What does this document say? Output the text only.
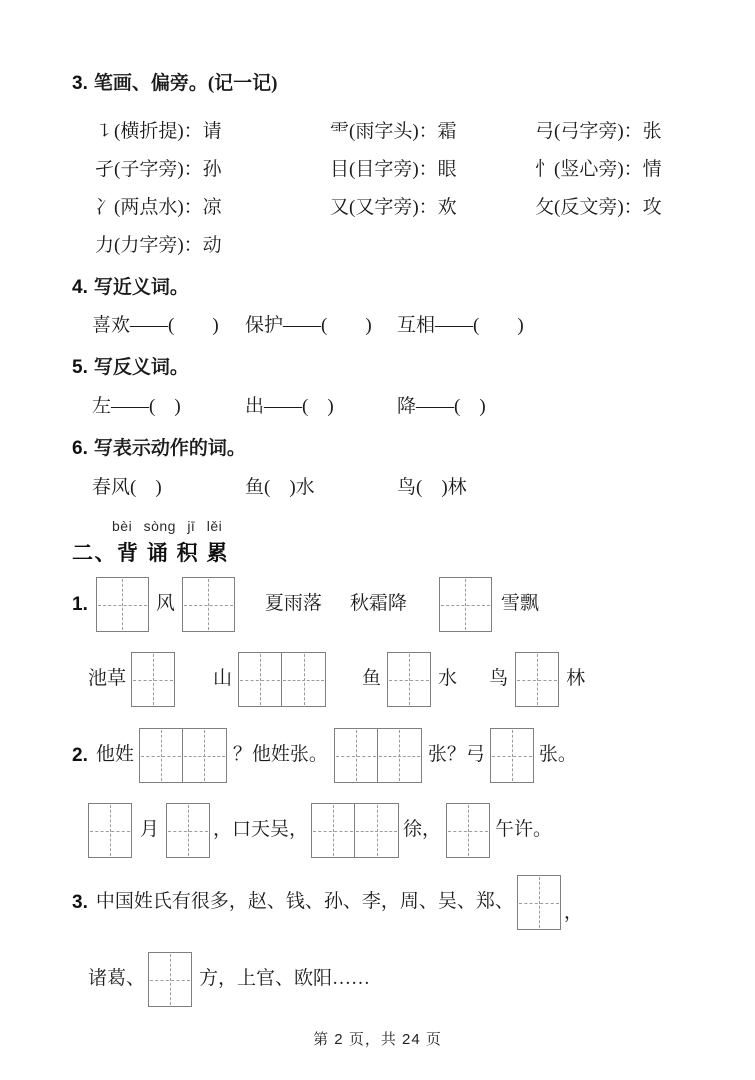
3. 笔画、偏旁。(记一记)
㇊(横折提)：请	⻗(雨字头)：霜	弓(弓字旁)：张
孑(子字旁)：孙	目(目字旁)：眼	忄(竖心旁)：情
冫(两点水)：凉	又(又字旁)：欢	攵(反文旁)：攻
力(力字旁)：动
4. 写近义词。
喜欢——(　　)	保护——(　　)	互相——(　　)
5. 写反义词。
左——(　)	出——(　)	降——(　)
6. 写表示动作的词。
春风(　)	鱼(　)水	鸟(　)林
bèi sòng jī lěi
二、背 诵 积 累
1.	风	夏雨落 秋霜降	雪飘
池草	山	鱼	水 鸟	林
2. 他姓	？他姓张。	张？弓	张。
月	，口天吴，	徐，	午许。
3. 中国姓氏有很多，赵、钱、孙、李，周、吴、郑、
，
诸葛、	方，上官、欧阳……
第 2 页，共 24 页
